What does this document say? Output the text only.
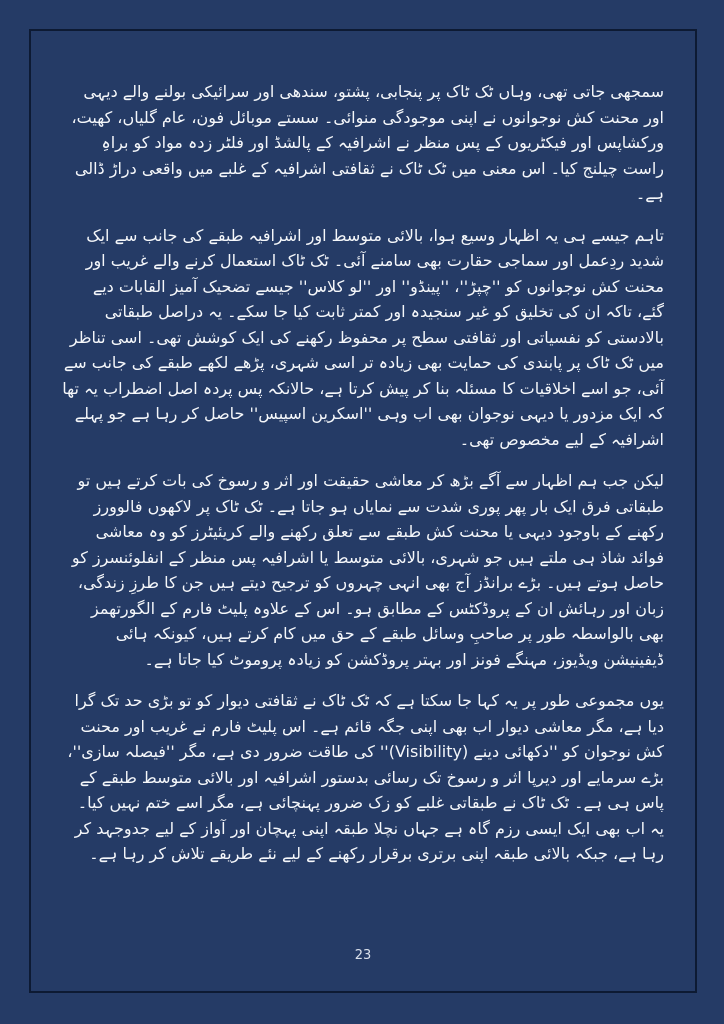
سمجھی جاتی تھی، وہاں ٹک ٹاک پر پنجابی، پشتو، سندھی اور سرائیکی بولنے والے دیہی اور محنت کش نوجوانوں نے اپنی موجودگی منوائی۔ سستے موبائل فون، عام گلیاں، کھیت، ورکشاپس اور فیکٹریوں کے پس منظر نے اشرافیہ کے پالشڈ اور فلٹر زدہ مواد کو براہِ راست چیلنج کیا۔ اس معنی میں ٹک ٹاک نے ثقافتی اشرافیہ کے غلبے میں واقعی دراڑ ڈالی ہے۔

تاہم جیسے ہی یہ اظہار وسیع ہوا، بالائی متوسط اور اشرافیہ طبقے کی جانب سے ایک شدید ردِعمل اور سماجی حقارت بھی سامنے آئی۔ ٹک ٹاک استعمال کرنے والے غریب اور محنت کش نوجوانوں کو ''چپڑ''، ''پینڈو'' اور ''لو کلاس'' جیسے تضحیک آمیز القابات دیے گئے، تاکہ ان کی تخلیق کو غیر سنجیدہ اور کمتر ثابت کیا جا سکے۔ یہ دراصل طبقاتی بالادستی کو نفسیاتی اور ثقافتی سطح پر محفوظ رکھنے کی ایک کوشش تھی۔ اسی تناظر میں ٹک ٹاک پر پابندی کی حمایت بھی زیادہ تر اسی شہری، پڑھے لکھے طبقے کی جانب سے آئی، جو اسے اخلاقیات کا مسئلہ بنا کر پیش کرتا ہے، حالانکہ پس پردہ اصل اضطراب یہ تھا کہ ایک مزدور یا دیہی نوجوان بھی اب وہی ''اسکرین اسپیس'' حاصل کر رہا ہے جو پہلے اشرافیہ کے لیے مخصوص تھی۔

لیکن جب ہم اظہار سے آگے بڑھ کر معاشی حقیقت اور اثر و رسوخ کی بات کرتے ہیں تو طبقاتی فرق ایک بار پھر پوری شدت سے نمایاں ہو جاتا ہے۔ ٹک ٹاک پر لاکھوں فالوورز رکھنے کے باوجود دیہی یا محنت کش طبقے سے تعلق رکھنے والے کریئیٹرز کو وہ معاشی فوائد شاذ ہی ملتے ہیں جو شہری، بالائی متوسط یا اشرافیہ پس منظر کے انفلوئنسرز کو حاصل ہوتے ہیں۔ بڑے برانڈز آج بھی انہی چہروں کو ترجیح دیتے ہیں جن کا طرزِ زندگی، زبان اور رہائش ان کے پروڈکٹس کے مطابق ہو۔ اس کے علاوہ پلیٹ فارم کے الگورتھمز بھی بالواسطہ طور پر صاحبِ وسائل طبقے کے حق میں کام کرتے ہیں، کیونکہ ہائی ڈیفینیشن ویڈیوز، مہنگے فونز اور بہتر پروڈکشن کو زیادہ پروموٹ کیا جاتا ہے۔

یوں مجموعی طور پر یہ کہا جا سکتا ہے کہ ٹک ٹاک نے ثقافتی دیوار کو تو بڑی حد تک گرا دیا ہے، مگر معاشی دیوار اب بھی اپنی جگہ قائم ہے۔ اس پلیٹ فارم نے غریب اور محنت کش نوجوان کو ''دکھائی دینے (Visibility)'' کی طاقت ضرور دی ہے، مگر ''فیصلہ سازی''، بڑے سرمایے اور دیرپا اثر و رسوخ تک رسائی بدستور اشرافیہ اور بالائی متوسط طبقے کے پاس ہی ہے۔ ٹک ٹاک نے طبقاتی غلبے کو زک ضرور پہنچائی ہے، مگر اسے ختم نہیں کیا۔ یہ اب بھی ایک ایسی رزم گاہ ہے جہاں نچلا طبقہ اپنی پہچان اور آواز کے لیے جدوجہد کر رہا ہے، جبکہ بالائی طبقہ اپنی برتری برقرار رکھنے کے لیے نئے طریقے تلاش کر رہا ہے۔

23
